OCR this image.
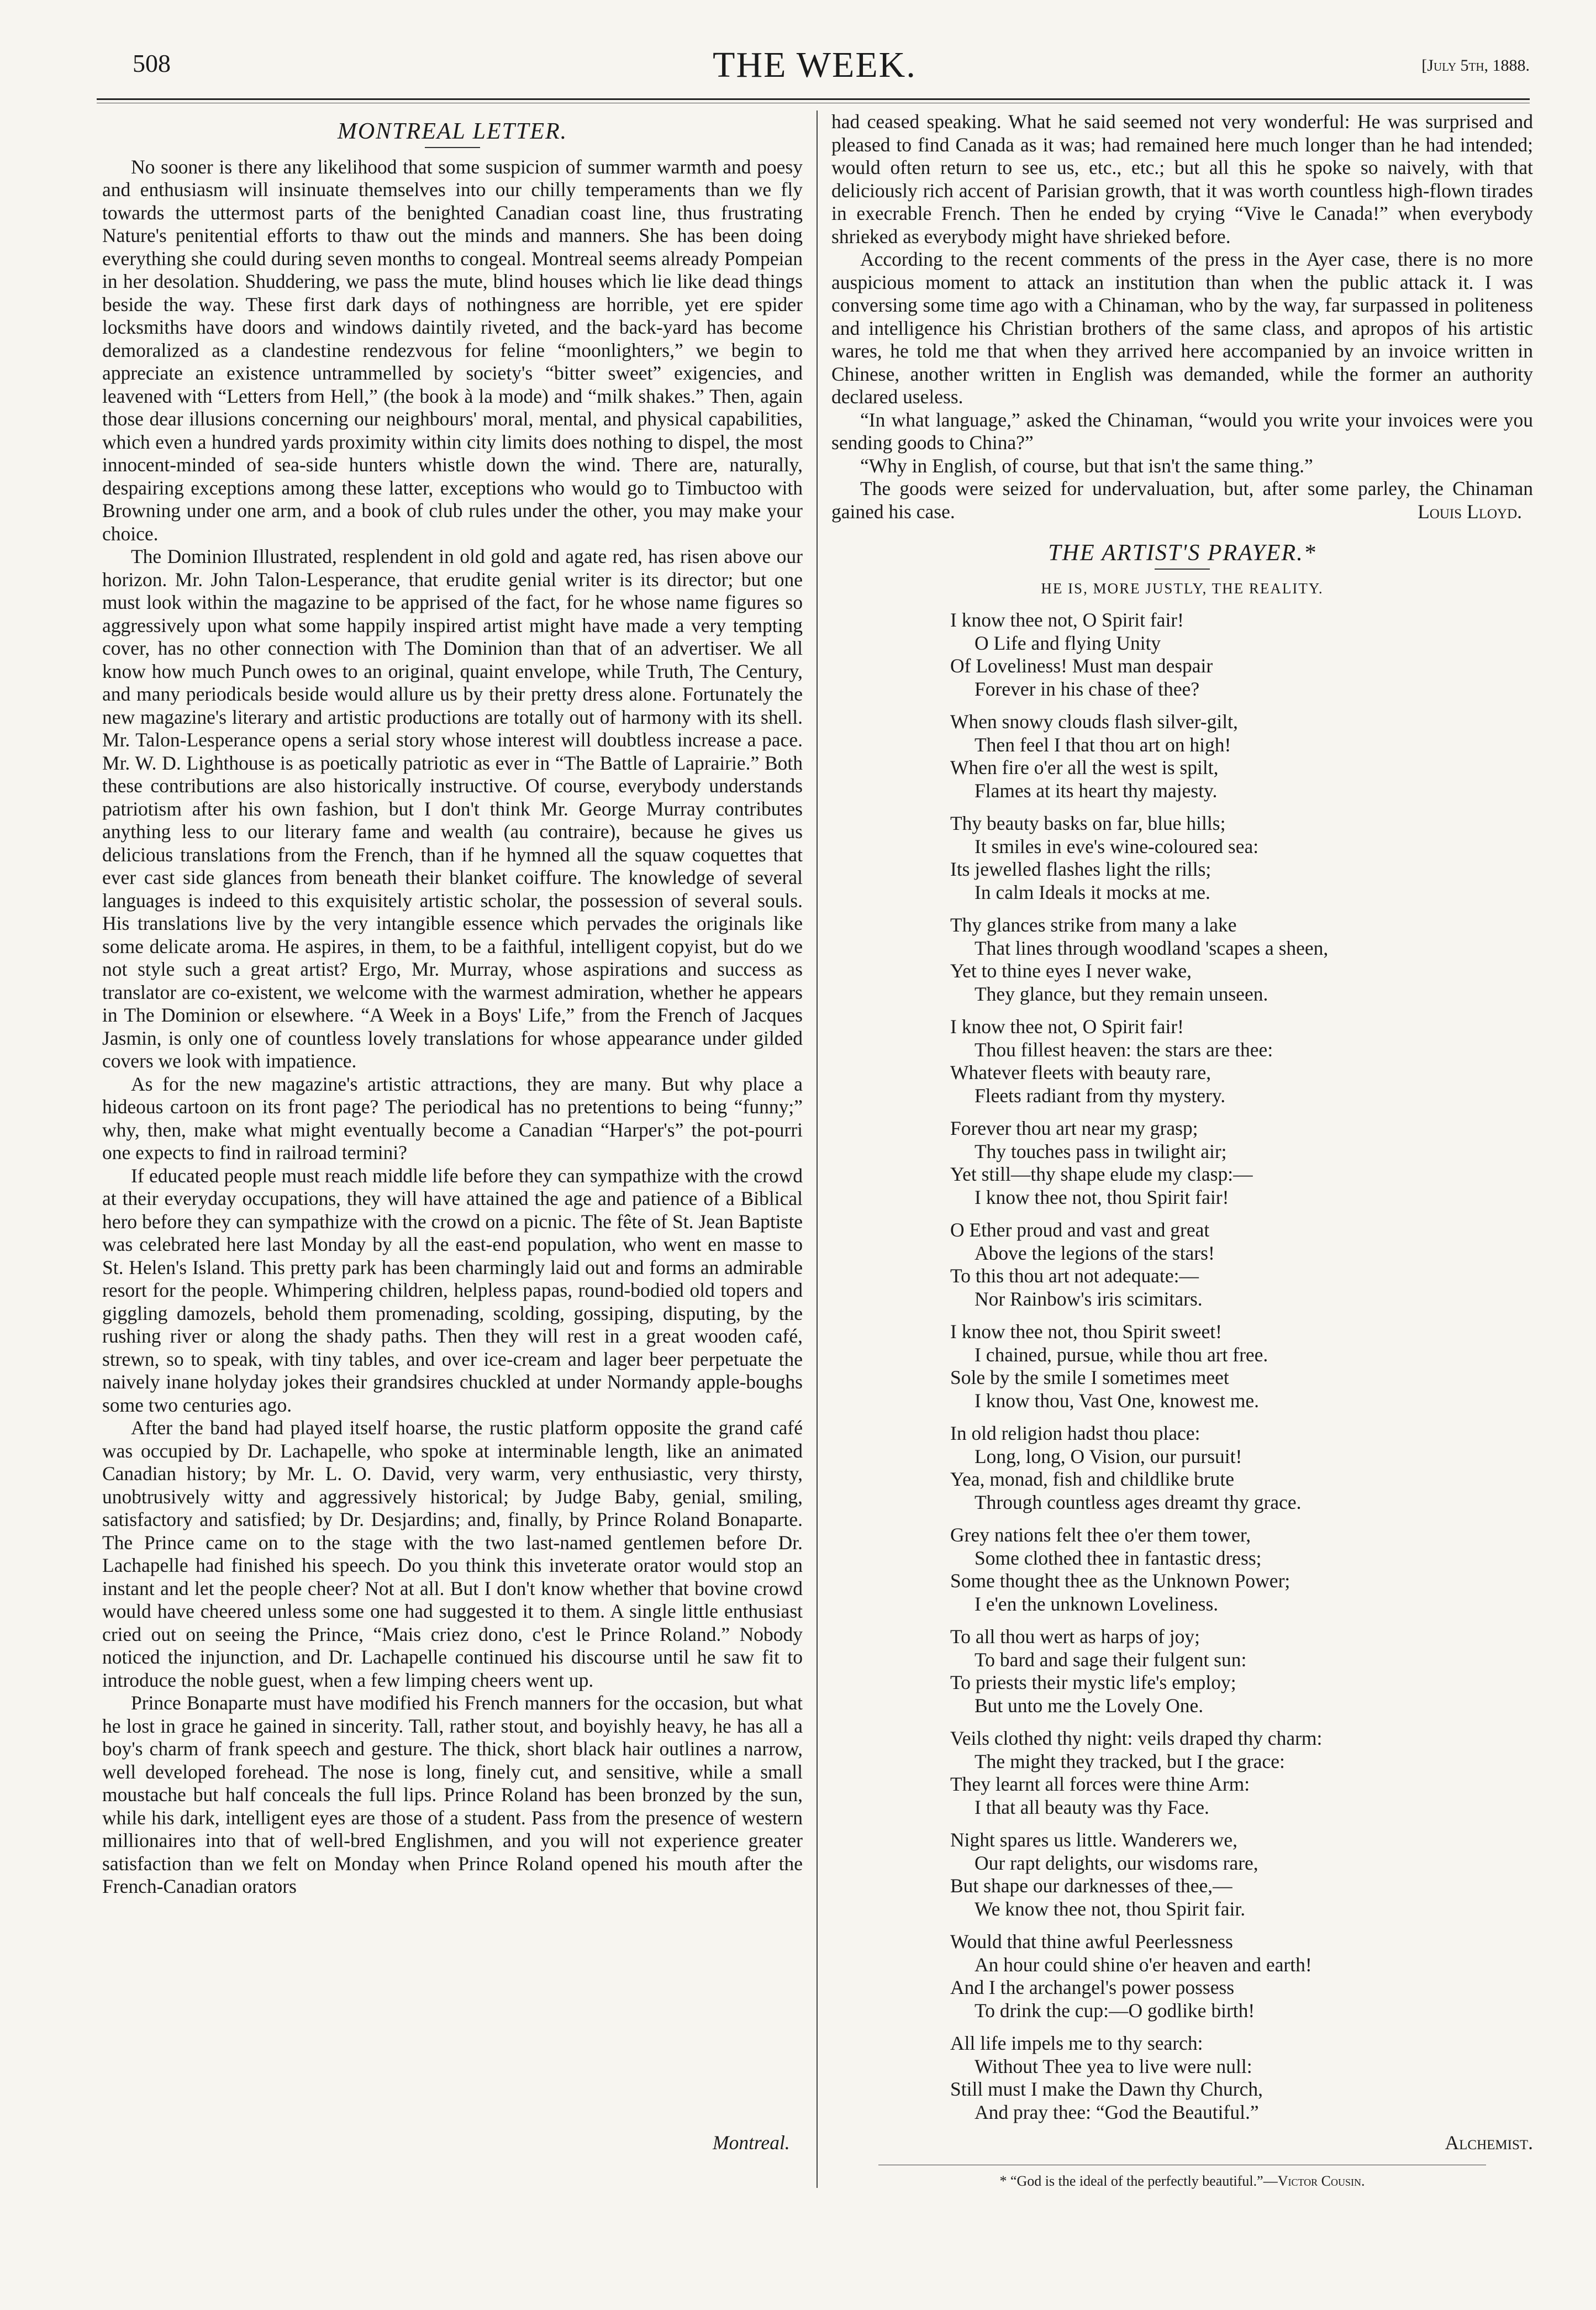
508	THE WEEK.	[July 5th, 1888.
MONTREAL LETTER.

No sooner is there any likelihood that some suspicion of summer warmth and poesy and enthusiasm will insinuate themselves into our chilly temperaments than we fly towards the uttermost parts of the benighted Canadian coast line, thus frustrating Nature's penitential efforts to thaw out the minds and manners. She has been doing everything she could during seven months to congeal. Montreal seems already Pompeian in her desolation. Shuddering, we pass the mute, blind houses which lie like dead things beside the way. These first dark days of nothingness are horrible, yet ere spider locksmiths have doors and windows daintily riveted, and the back-yard has become demoralized as a clandestine rendezvous for feline “moonlighters,” we begin to appreciate an existence untrammelled by society's “bitter sweet” exigencies, and leavened with “Letters from Hell,” (the book à la mode) and “milk shakes.” Then, again those dear illusions concerning our neighbours' moral, mental, and physical capabilities, which even a hundred yards proximity within city limits does nothing to dispel, the most innocent-minded of sea-side hunters whistle down the wind. There are, naturally, despairing exceptions among these latter, exceptions who would go to Timbuctoo with Browning under one arm, and a book of club rules under the other, you may make your choice.

The Dominion Illustrated, resplendent in old gold and agate red, has risen above our horizon. Mr. John Talon-Lesperance, that erudite genial writer is its director; but one must look within the magazine to be apprised of the fact, for he whose name figures so aggressively upon what some happily inspired artist might have made a very tempting cover, has no other connection with The Dominion than that of an advertiser. We all know how much Punch owes to an original, quaint envelope, while Truth, The Century, and many periodicals beside would allure us by their pretty dress alone. Fortunately the new magazine's literary and artistic productions are totally out of harmony with its shell. Mr. Talon-Lesperance opens a serial story whose interest will doubtless increase a pace. Mr. W. D. Lighthouse is as poetically patriotic as ever in “The Battle of Laprairie.” Both these contributions are also historically instructive. Of course, everybody understands patriotism after his own fashion, but I don't think Mr. George Murray contributes anything less to our literary fame and wealth (au contraire), because he gives us delicious translations from the French, than if he hymned all the squaw coquettes that ever cast side glances from beneath their blanket coiffure. The knowledge of several languages is indeed to this exquisitely artistic scholar, the possession of several souls. His translations live by the very intangible essence which pervades the originals like some delicate aroma. He aspires, in them, to be a faithful, intelligent copyist, but do we not style such a great artist? Ergo, Mr. Murray, whose aspirations and success as translator are co-existent, we welcome with the warmest admiration, whether he appears in The Dominion or elsewhere. “A Week in a Boys' Life,” from the French of Jacques Jasmin, is only one of countless lovely translations for whose appearance under gilded covers we look with impatience.

As for the new magazine's artistic attractions, they are many. But why place a hideous cartoon on its front page? The periodical has no pretentions to being “funny;” why, then, make what might eventually become a Canadian “Harper's” the pot-pourri one expects to find in railroad termini?

If educated people must reach middle life before they can sympathize with the crowd at their everyday occupations, they will have attained the age and patience of a Biblical hero before they can sympathize with the crowd on a picnic. The fête of St. Jean Baptiste was celebrated here last Monday by all the east-end population, who went en masse to St. Helen's Island. This pretty park has been charmingly laid out and forms an admirable resort for the people. Whimpering children, helpless papas, round-bodied old topers and giggling damozels, behold them promenading, scolding, gossiping, disputing, by the rushing river or along the shady paths. Then they will rest in a great wooden café, strewn, so to speak, with tiny tables, and over ice-cream and lager beer perpetuate the naively inane holyday jokes their grandsires chuckled at under Normandy apple-boughs some two centuries ago.

After the band had played itself hoarse, the rustic platform opposite the grand café was occupied by Dr. Lachapelle, who spoke at interminable length, like an animated Canadian history; by Mr. L. O. David, very warm, very enthusiastic, very thirsty, unobtrusively witty and aggressively historical; by Judge Baby, genial, smiling, satisfactory and satisfied; by Dr. Desjardins; and, finally, by Prince Roland Bonaparte. The Prince came on to the stage with the two last-named gentlemen before Dr. Lachapelle had finished his speech. Do you think this inveterate orator would stop an instant and let the people cheer? Not at all. But I don't know whether that bovine crowd would have cheered unless some one had suggested it to them. A single little enthusiast cried out on seeing the Prince, “Mais criez dono, c'est le Prince Roland.” Nobody noticed the injunction, and Dr. Lachapelle continued his discourse until he saw fit to introduce the noble guest, when a few limping cheers went up.

Prince Bonaparte must have modified his French manners for the occasion, but what he lost in grace he gained in sincerity. Tall, rather stout, and boyishly heavy, he has all a boy's charm of frank speech and gesture. The thick, short black hair outlines a narrow, well developed forehead. The nose is long, finely cut, and sensitive, while a small moustache but half conceals the full lips. Prince Roland has been bronzed by the sun, while his dark, intelligent eyes are those of a student. Pass from the presence of western millionaires into that of well-bred Englishmen, and you will not experience greater satisfaction than we felt on Monday when Prince Roland opened his mouth after the French-Canadian orators

had ceased speaking. What he said seemed not very wonderful: He was surprised and pleased to find Canada as it was; had remained here much longer than he had intended; would often return to see us, etc., etc.; but all this he spoke so naively, with that deliciously rich accent of Parisian growth, that it was worth countless high-flown tirades in execrable French. Then he ended by crying “Vive le Canada!” when everybody shrieked as everybody might have shrieked before.

According to the recent comments of the press in the Ayer case, there is no more auspicious moment to attack an institution than when the public attack it. I was conversing some time ago with a Chinaman, who by the way, far surpassed in politeness and intelligence his Christian brothers of the same class, and apropos of his artistic wares, he told me that when they arrived here accompanied by an invoice written in Chinese, another written in English was demanded, while the former an authority declared useless.

“In what language,” asked the Chinaman, “would you write your invoices were you sending goods to China?”

“Why in English, of course, but that isn't the same thing.”

The goods were seized for undervaluation, but, after some parley, the Chinaman gained his case.	Louis Lloyd.

THE ARTIST'S PRAYER.*
HE IS, MORE JUSTLY, THE REALITY.
I know thee not, O Spirit fair!
O Life and flying Unity
Of Loveliness! Must man despair
Forever in his chase of thee?
When snowy clouds flash silver-gilt,
Then feel I that thou art on high!
When fire o'er all the west is spilt,
Flames at its heart thy majesty.
Thy beauty basks on far, blue hills;
It smiles in eve's wine-coloured sea:
Its jewelled flashes light the rills;
In calm Ideals it mocks at me.
Thy glances strike from many a lake
That lines through woodland 'scapes a sheen,
Yet to thine eyes I never wake,
They glance, but they remain unseen.
I know thee not, O Spirit fair!
Thou fillest heaven: the stars are thee:
Whatever fleets with beauty rare,
Fleets radiant from thy mystery.
Forever thou art near my grasp;
Thy touches pass in twilight air;
Yet still—thy shape elude my clasp:—
I know thee not, thou Spirit fair!
O Ether proud and vast and great
Above the legions of the stars!
To this thou art not adequate:—
Nor Rainbow's iris scimitars.
I know thee not, thou Spirit sweet!
I chained, pursue, while thou art free.
Sole by the smile I sometimes meet
I know thou, Vast One, knowest me.
In old religion hadst thou place:
Long, long, O Vision, our pursuit!
Yea, monad, fish and childlike brute
Through countless ages dreamt thy grace.
Grey nations felt thee o'er them tower,
Some clothed thee in fantastic dress;
Some thought thee as the Unknown Power;
I e'en the unknown Loveliness.
To all thou wert as harps of joy;
To bard and sage their fulgent sun:
To priests their mystic life's employ;
But unto me the Lovely One.
Veils clothed thy night: veils draped thy charm:
The might they tracked, but I the grace:
They learnt all forces were thine Arm:
I that all beauty was thy Face.
Night spares us little. Wanderers we,
Our rapt delights, our wisdoms rare,
But shape our darknesses of thee,—
We know thee not, thou Spirit fair.
Would that thine awful Peerlessness
An hour could shine o'er heaven and earth!
And I the archangel's power possess
To drink the cup:—O godlike birth!
All life impels me to thy search:
Without Thee yea to live were null:
Still must I make the Dawn thy Church,
And pray thee: “God the Beautiful.”
Montreal.	Alchemist.
* “God is the ideal of the perfectly beautiful.”—Victor Cousin.
